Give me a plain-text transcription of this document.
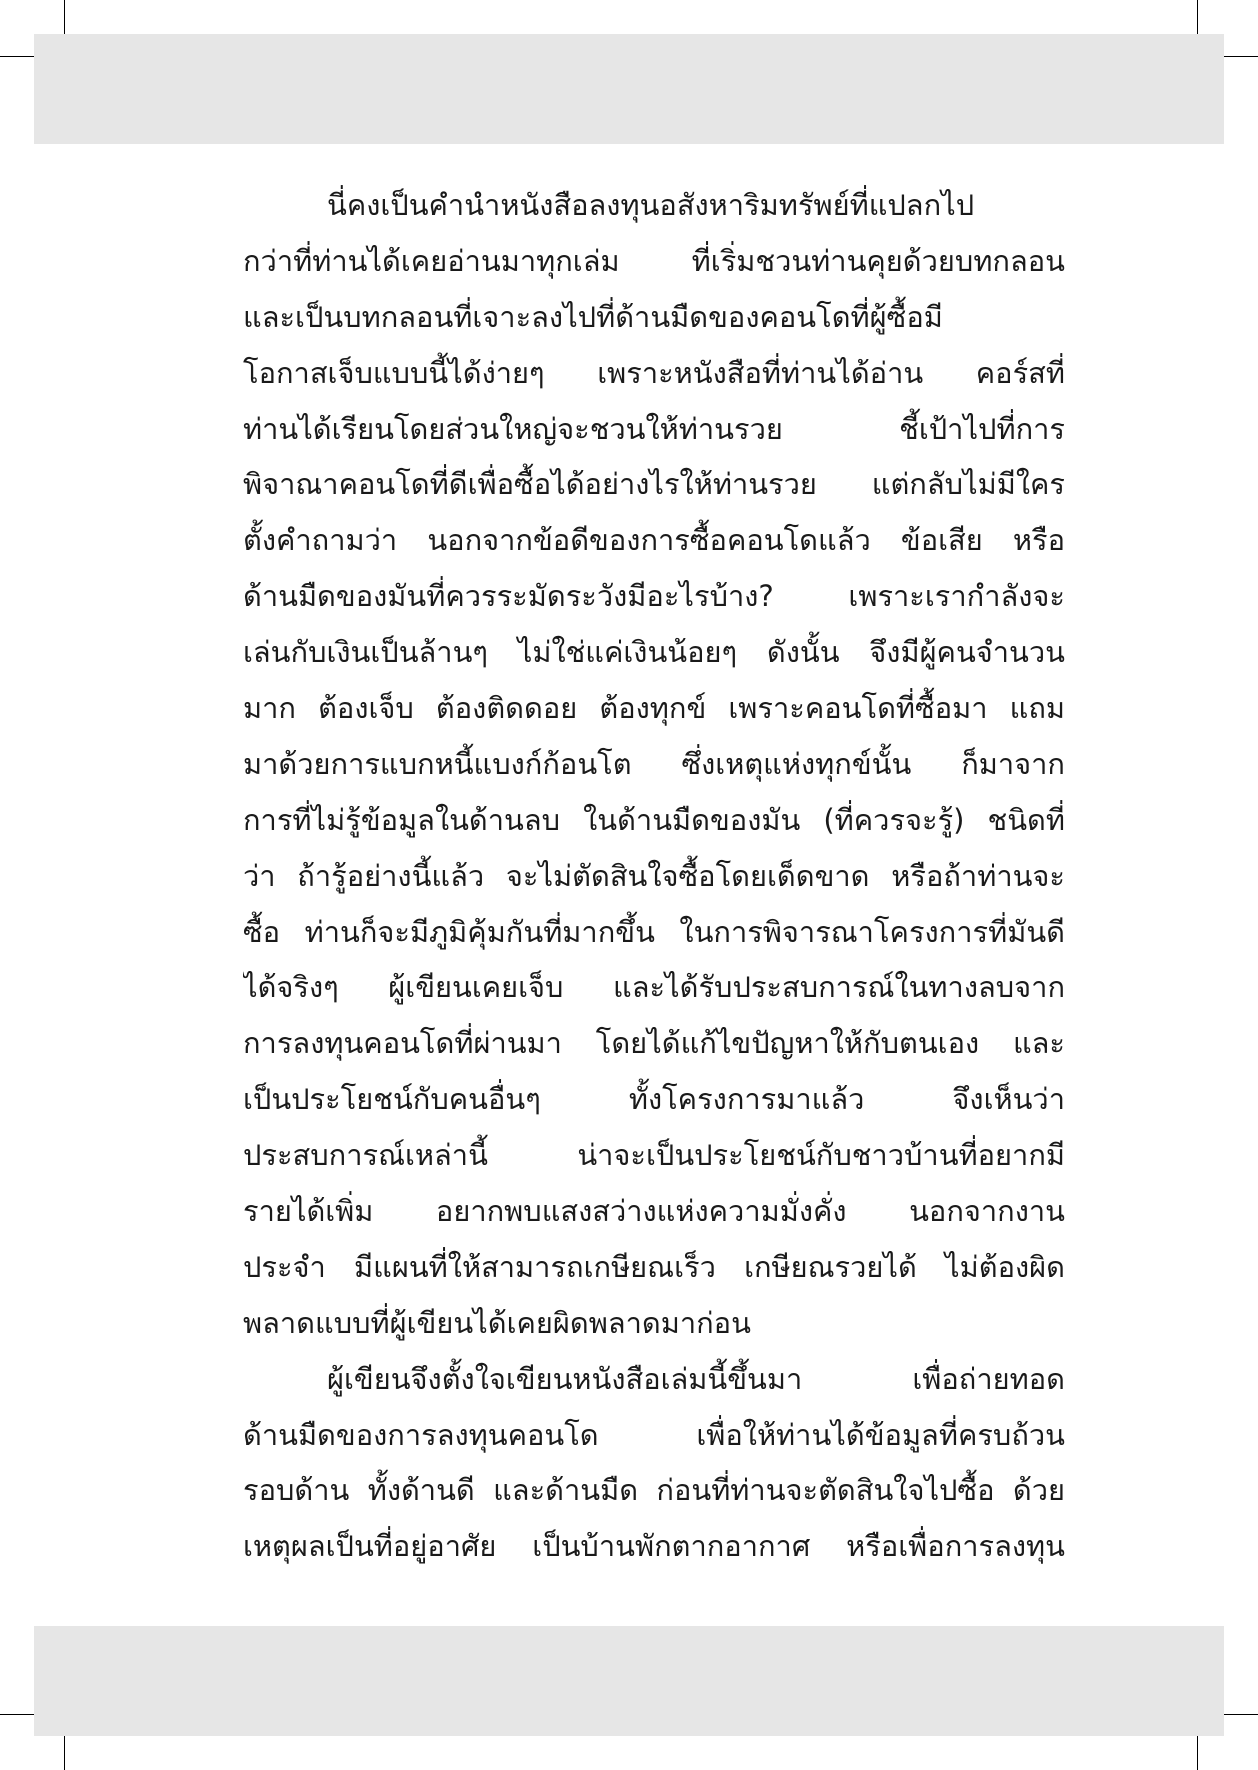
นี่คงเป็นคำนำหนังสือลงทุนอสังหาริมทรัพย์ที่แปลกไป
กว่าที่ท่านได้เคยอ่านมาทุกเล่ม ที่เริ่มชวนท่านคุยด้วยบทกลอน
และเป็นบทกลอนที่เจาะลงไปที่ด้านมืดของคอนโดที่ผู้ซื้อมี
โอกาสเจ็บแบบนี้ได้ง่ายๆ เพราะหนังสือที่ท่านได้อ่าน คอร์สที่
ท่านได้เรียนโดยส่วนใหญ่จะชวนให้ท่านรวย ชี้เป้าไปที่การ
พิจาณาคอนโดที่ดีเพื่อซื้อได้อย่างไรให้ท่านรวย แต่กลับไม่มีใคร
ตั้งคำถามว่า นอกจากข้อดีของการซื้อคอนโดแล้ว ข้อเสีย หรือ
ด้านมืดของมันที่ควรระมัดระวังมีอะไรบ้าง? เพราะเรากำลังจะ
เล่นกับเงินเป็นล้านๆ ไม่ใช่แค่เงินน้อยๆ ดังนั้น จึงมีผู้คนจำนวน
มาก ต้องเจ็บ ต้องติดดอย ต้องทุกข์ เพราะคอนโดที่ซื้อมา แถม
มาด้วยการแบกหนี้แบงก์ก้อนโต ซึ่งเหตุแห่งทุกข์นั้น ก็มาจาก
การที่ไม่รู้ข้อมูลในด้านลบ ในด้านมืดของมัน (ที่ควรจะรู้) ชนิดที่
ว่า ถ้ารู้อย่างนี้แล้ว จะไม่ตัดสินใจซื้อโดยเด็ดขาด หรือถ้าท่านจะ
ซื้อ ท่านก็จะมีภูมิคุ้มกันที่มากขึ้น ในการพิจารณาโครงการที่มันดี
ได้จริงๆ ผู้เขียนเคยเจ็บ และได้รับประสบการณ์ในทางลบจาก
การลงทุนคอนโดที่ผ่านมา โดยได้แก้ไขปัญหาให้กับตนเอง และ
เป็นประโยชน์กับคนอื่นๆ ทั้งโครงการมาแล้ว จึงเห็นว่า
ประสบการณ์เหล่านี้ น่าจะเป็นประโยชน์กับชาวบ้านที่อยากมี
รายได้เพิ่ม อยากพบแสงสว่างแห่งความมั่งคั่ง นอกจากงาน
ประจำ มีแผนที่ให้สามารถเกษียณเร็ว เกษียณรวยได้ ไม่ต้องผิด
พลาดแบบที่ผู้เขียนได้เคยผิดพลาดมาก่อน
ผู้เขียนจึงตั้งใจเขียนหนังสือเล่มนี้ขึ้นมา เพื่อถ่ายทอด
ด้านมืดของการลงทุนคอนโด เพื่อให้ท่านได้ข้อมูลที่ครบถ้วน
รอบด้าน ทั้งด้านดี และด้านมืด ก่อนที่ท่านจะตัดสินใจไปซื้อ ด้วย
เหตุผลเป็นที่อยู่อาศัย เป็นบ้านพักตากอากาศ หรือเพื่อการลงทุน
